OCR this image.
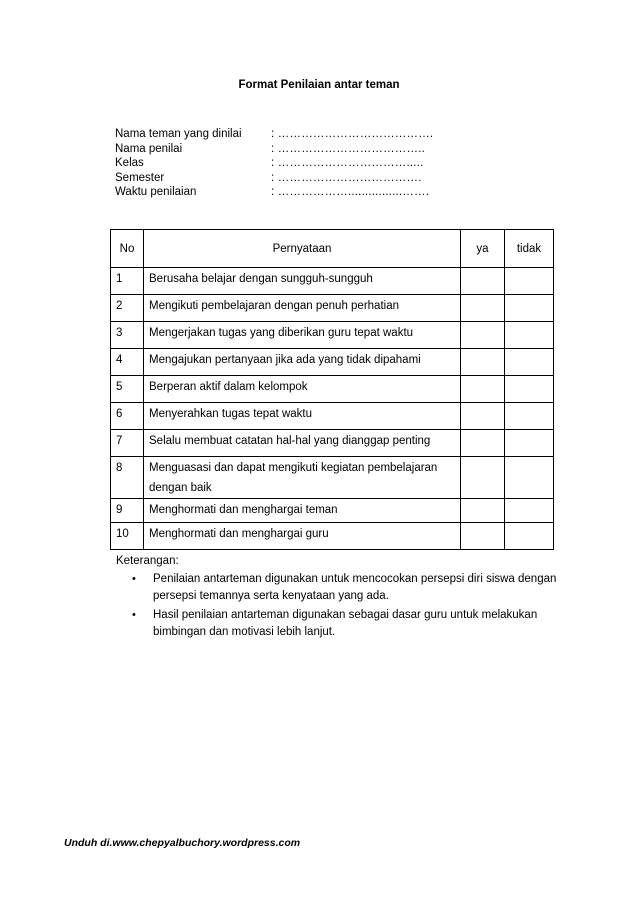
Format Penilaian antar teman
Nama teman yang dinilai	: ………………………………….
Nama penilai	: ………………………………..
Kelas	: …………………………….....
Semester	: ……………………………….
Waktu penilaian	: ………………................…….
No	Pernyataan	ya	tidak
1	Berusaha belajar dengan sungguh-sungguh		
2	Mengikuti pembelajaran dengan penuh perhatian		
3	Mengerjakan tugas yang diberikan guru tepat waktu		
4	Mengajukan pertanyaan jika ada yang tidak dipahami		
5	Berperan aktif dalam kelompok		
6	Menyerahkan tugas tepat waktu		
7	Selalu membuat catatan hal-hal yang dianggap penting		
8	Menguasasi dan dapat mengikuti kegiatan pembelajaran dengan baik		
9	Menghormati dan menghargai teman		
10	Menghormati dan menghargai guru		
Keterangan:
• Penilaian antarteman digunakan untuk mencocokan persepsi diri siswa dengan persepsi temannya serta kenyataan yang ada.
• Hasil penilaian antarteman digunakan sebagai dasar guru untuk melakukan bimbingan dan motivasi lebih lanjut.
Unduh di.www.chepyalbuchory.wordpress.com
